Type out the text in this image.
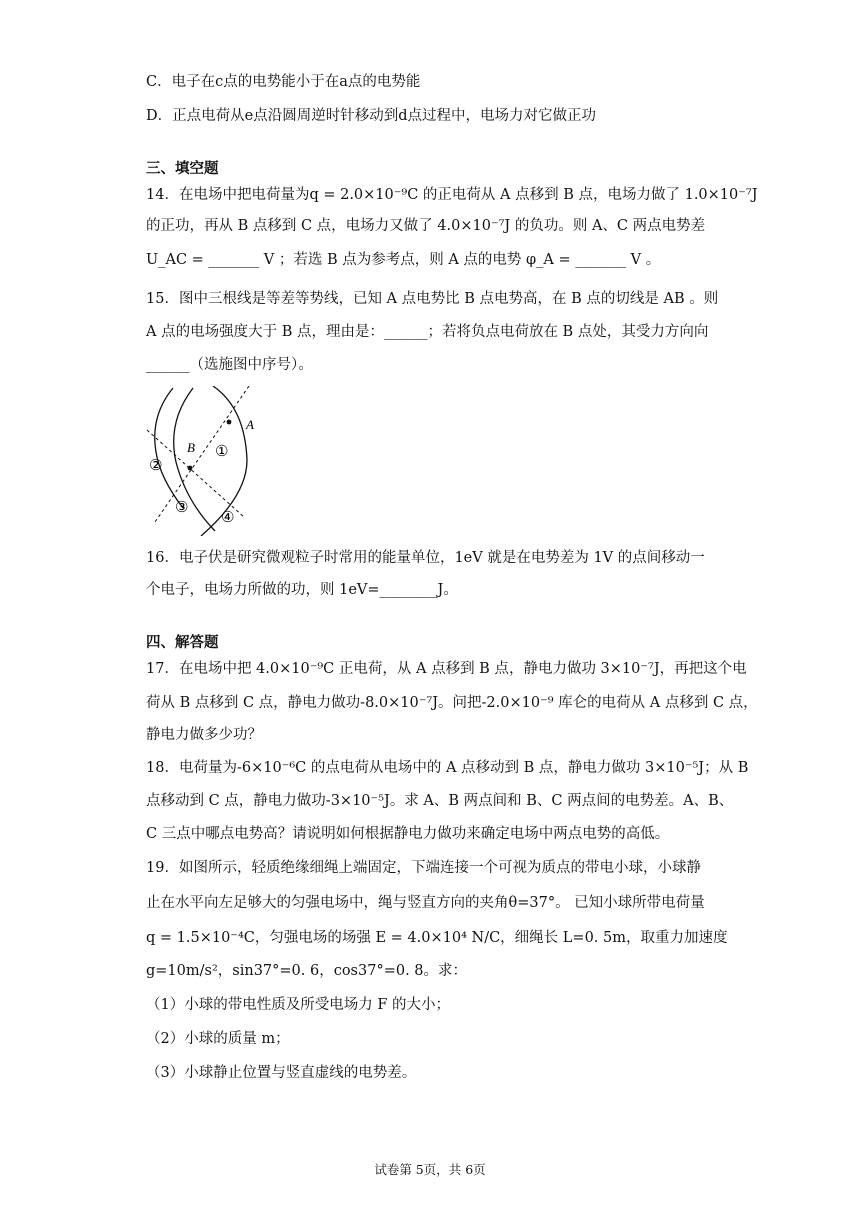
C．电子在c点的电势能小于在a点的电势能
D．正点电荷从e点沿圆周逆时针移动到d点过程中，电场力对它做正功
三、填空题
14．在电场中把电荷量为q = 2.0×10⁻⁹C 的正电荷从 A 点移到 B 点，电场力做了 1.0×10⁻⁷J
的正功，再从 B 点移到 C 点，电场力又做了 4.0×10⁻⁷J 的负功。则 A、C 两点电势差
U_AC = _______ V ；若选 B 点为参考点，则 A 点的电势 φ_A = _______ V 。
15．图中三根线是等差等势线，已知 A 点电势比 B 点电势高，在 B 点的切线是 AB 。则
A 点的电场强度大于 B 点，理由是：______；若将负点电荷放在 B 点处，其受力方向向
______（选施图中序号）。
A
B ①
②
③
④
16．电子伏是研究微观粒子时常用的能量单位，1eV 就是在电势差为 1V 的点间移动一
个电子，电场力所做的功，则 1eV=________J。
四、解答题
17．在电场中把 4.0×10⁻⁹C 正电荷，从 A 点移到 B 点，静电力做功 3×10⁻⁷J，再把这个电
荷从 B 点移到 C 点，静电力做功-8.0×10⁻⁷J。问把-2.0×10⁻⁹ 库仑的电荷从 A 点移到 C 点，
静电力做多少功？
18．电荷量为-6×10⁻⁶C 的点电荷从电场中的 A 点移动到 B 点，静电力做功 3×10⁻⁵J；从 B
点移动到 C 点，静电力做功-3×10⁻⁵J。求 A、B 两点间和 B、C 两点间的电势差。A、B、
C 三点中哪点电势高？请说明如何根据静电力做功来确定电场中两点电势的高低。
19．如图所示，轻质绝缘细绳上端固定，下端连接一个可视为质点的带电小球，小球静
止在水平向左足够大的匀强电场中，绳与竖直方向的夹角θ=37°。 已知小球所带电荷量
q = 1.5×10⁻⁴C，匀强电场的场强 E = 4.0×10⁴ N/C，细绳长 L=0. 5m，取重力加速度
g=10m/s²，sin37°=0. 6，cos37°=0. 8。求：
（1）小球的带电性质及所受电场力 F 的大小；
（2）小球的质量 m；
（3）小球静止位置与竖直虚线的电势差。
试卷第 5页，共 6页
